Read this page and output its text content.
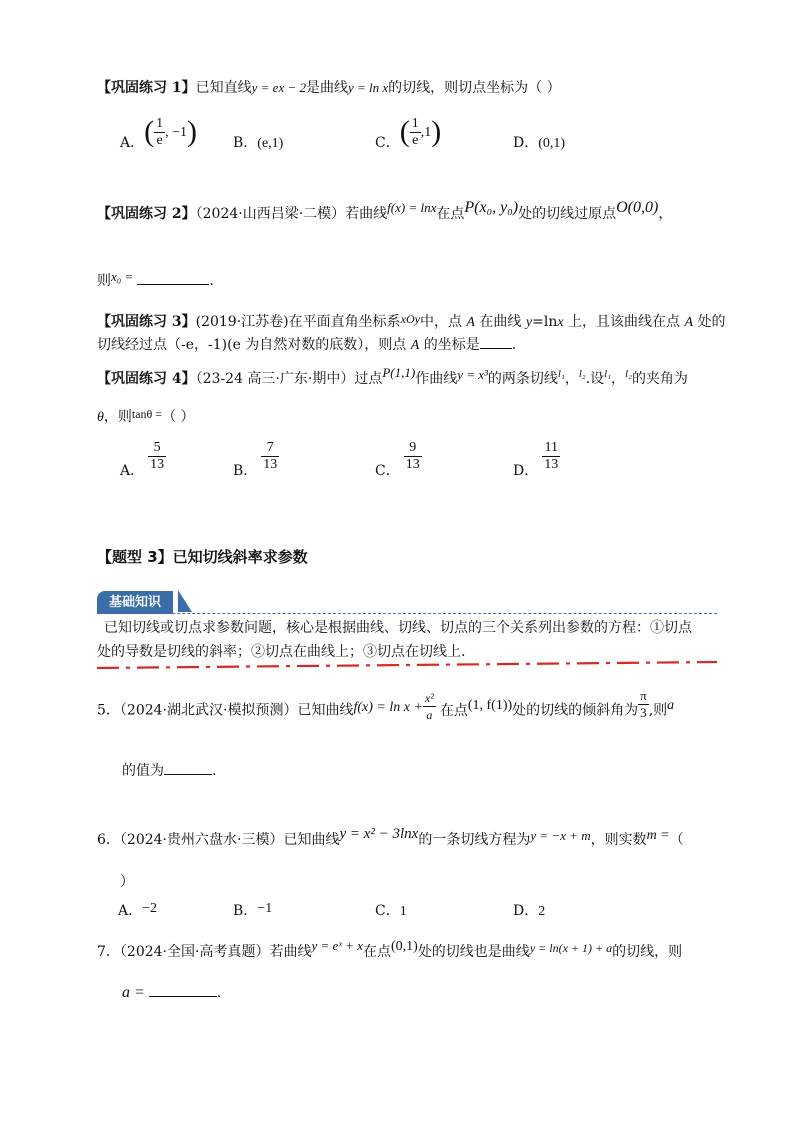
【巩固练习 1】已知直线y = ex − 2是曲线y = ln x的切线，则切点坐标为（ ）
A．( $\frac{1}{e}$ , −1)	B．(e,1)	C．( $\frac{1}{e} ,1$)	D．(0,1)
【巩固练习 2】（2024·山西吕梁·二模）若曲线f(x) = lnx在点P(x₀, y₀)处的切线过原点O(0,0)，
则x₀ =	.
【巩固练习 3】(2019·江苏卷)在平面直角坐标系xOy中，点 A 在曲线 y=lnx 上，且该曲线在点 A 处的
切线经过点（-e，-1)(e 为自然对数的底数），则点 A 的坐标是 .
【巩固练习 4】（23-24 高三·广东·期中）过点P(1,1)作曲线y = x³的两条切线$^{l_1}$，$^{l_2}$.设$^{l_1}$，$^{l_2}$的夹角为
θ，则tanθ =（ ）
A． $\frac{5}{13}$	B． $\frac{7}{13}$	C． $\frac{9}{13}$	D． $\frac{11}{13}$
【题型 3】已知切线斜率求参数
基础知识
已知切线或切点求参数问题，核心是根据曲线、切线、切点的三个关系列出参数的方程：①切点
处的导数是切线的斜率；②切点在曲线上；③切点在切线上.
5．（2024·湖北武汉·模拟预测）已知曲线$f(x) = \ln x + \frac{\text{x²}}{a}$ 在点(1, f(1))处的切线的倾斜角为 $\frac{\pi}{3}$ ,则a
的值为	.
6．（2024·贵州六盘水·三模）已知曲线y = x² − 3lnx的一条切线方程为y = −x + m，则实数m =（
）
A．−2	B．−1	C．1	D．2
7．（2024·全国·高考真题）若曲线y = eˣ + x在点(0,1)处的切线也是曲线y = ln(x + 1) + a的切线，则
a =	.
